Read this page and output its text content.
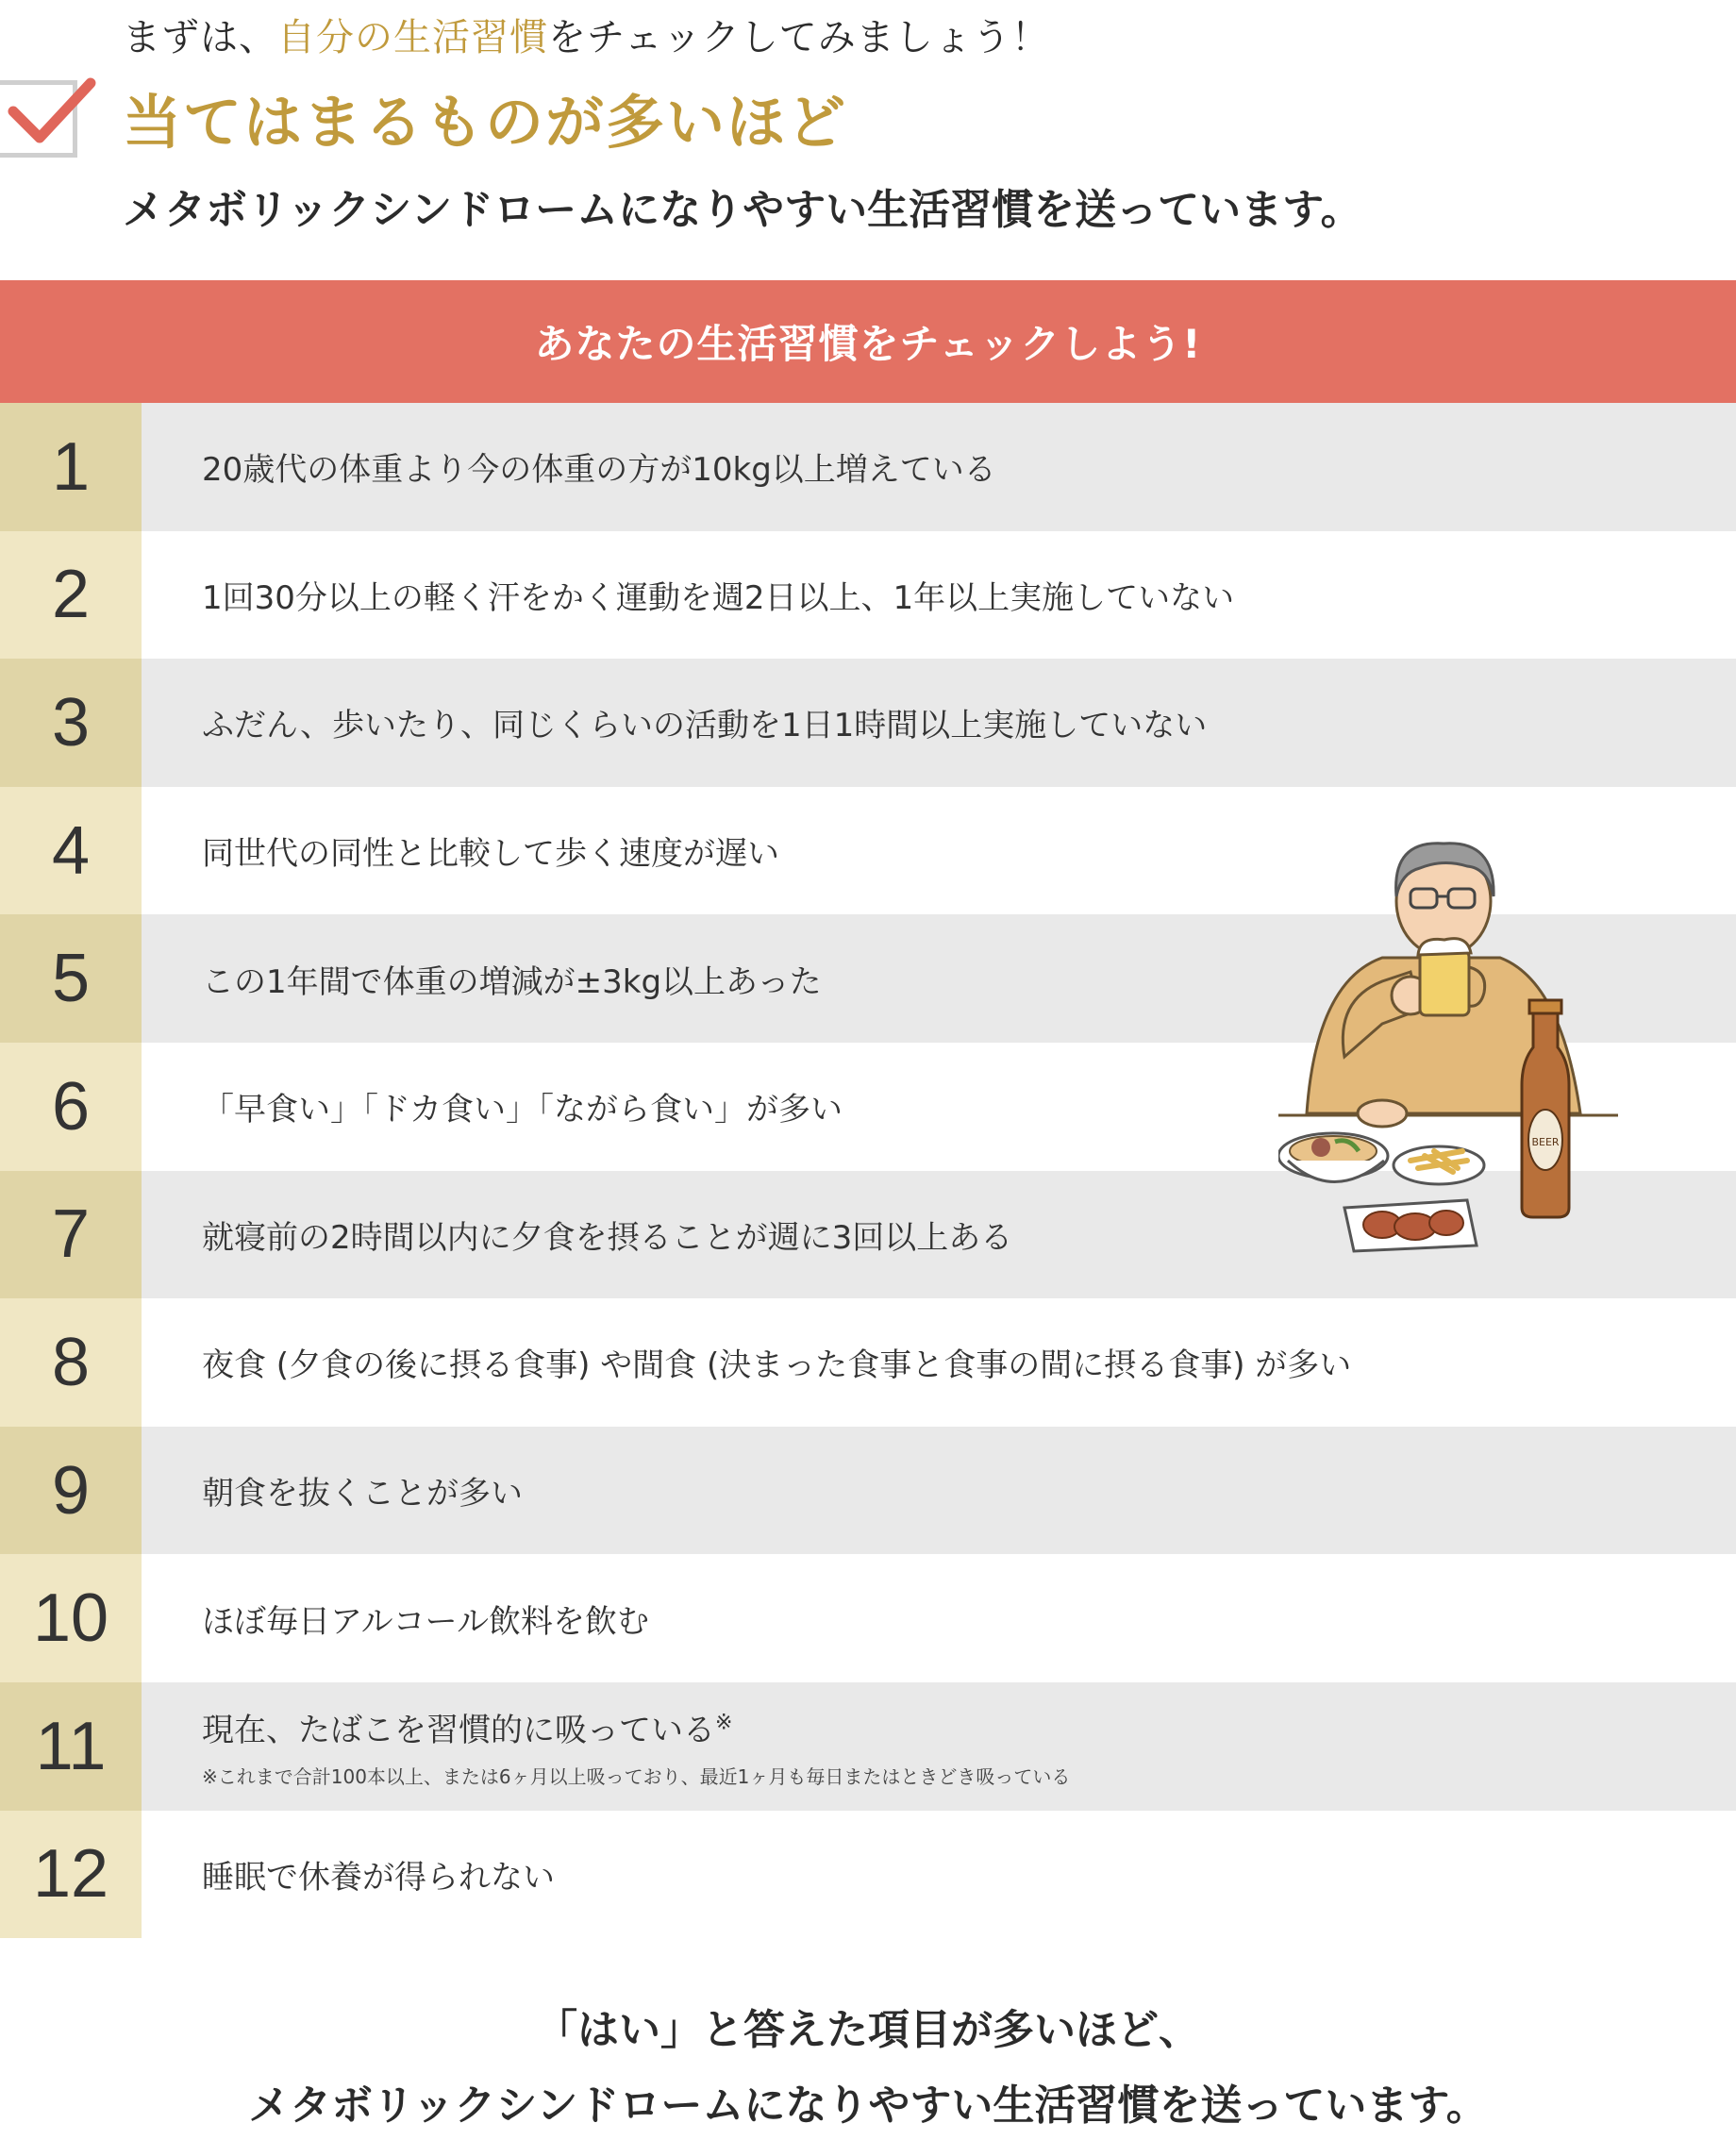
まずは、自分の生活習慣をチェックしてみましょう！
当てはまるものが多いほど
メタボリックシンドロームになりやすい生活習慣を送っています。
あなたの生活習慣をチェックしよう!
1	20歳代の体重より今の体重の方が10kg以上増えている
2	1回30分以上の軽く汗をかく運動を週2日以上、1年以上実施していない
3	ふだん、歩いたり、同じくらいの活動を1日1時間以上実施していない
4	同世代の同性と比較して歩く速度が遅い
5	この1年間で体重の増減が±3kg以上あった
6	「早食い」「ドカ食い」「ながら食い」が多い
7	就寝前の2時間以内に夕食を摂ることが週に3回以上ある
8	夜食 (夕食の後に摂る食事) や間食 (決まった食事と食事の間に摂る食事) が多い
9	朝食を抜くことが多い
10	ほぼ毎日アルコール飲料を飲む
11	現在、たばこを習慣的に吸っている※
※これまで合計100本以上、または6ヶ月以上吸っており、最近1ヶ月も毎日またはときどき吸っている
12	睡眠で休養が得られない
BEER
「はい」と答えた項目が多いほど、
メタボリックシンドロームになりやすい生活習慣を送っています。
